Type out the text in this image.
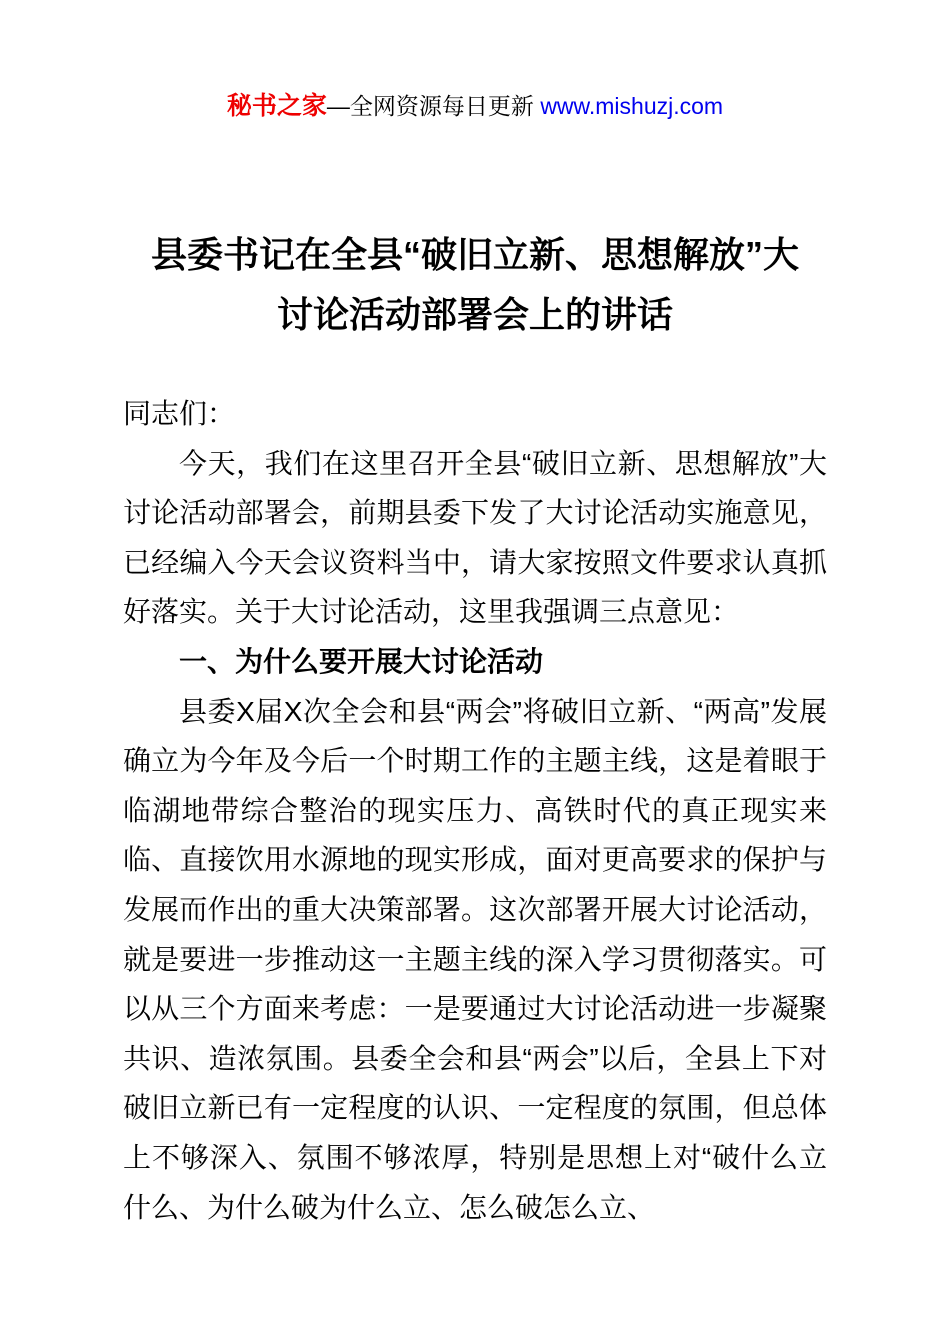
秘书之家—全网资源每日更新 www.mishuzj.com
县委书记在全县“破旧立新、思想解放”大
讨论活动部署会上的讲话

同志们：

今天，我们在这里召开全县“破旧立新、思想解放”大讨论活动部署会，前期县委下发了大讨论活动实施意见，已经编入今天会议资料当中，请大家按照文件要求认真抓好落实。关于大讨论活动，这里我强调三点意见：

一、为什么要开展大讨论活动

县委X届X次全会和县“两会”将破旧立新、“两高”发展确立为今年及今后一个时期工作的主题主线，这是着眼于临湖地带综合整治的现实压力、高铁时代的真正现实来临、直接饮用水源地的现实形成，面对更高要求的保护与发展而作出的重大决策部署。这次部署开展大讨论活动，就是要进一步推动这一主题主线的深入学习贯彻落实。可以从三个方面来考虑：一是要通过大讨论活动进一步凝聚共识、造浓氛围。县委全会和县“两会”以后，全县上下对破旧立新已有一定程度的认识、一定程度的氛围，但总体上不够深入、氛围不够浓厚，特别是思想上对“破什么立什么、为什么破为什么立、怎么破怎么立、
